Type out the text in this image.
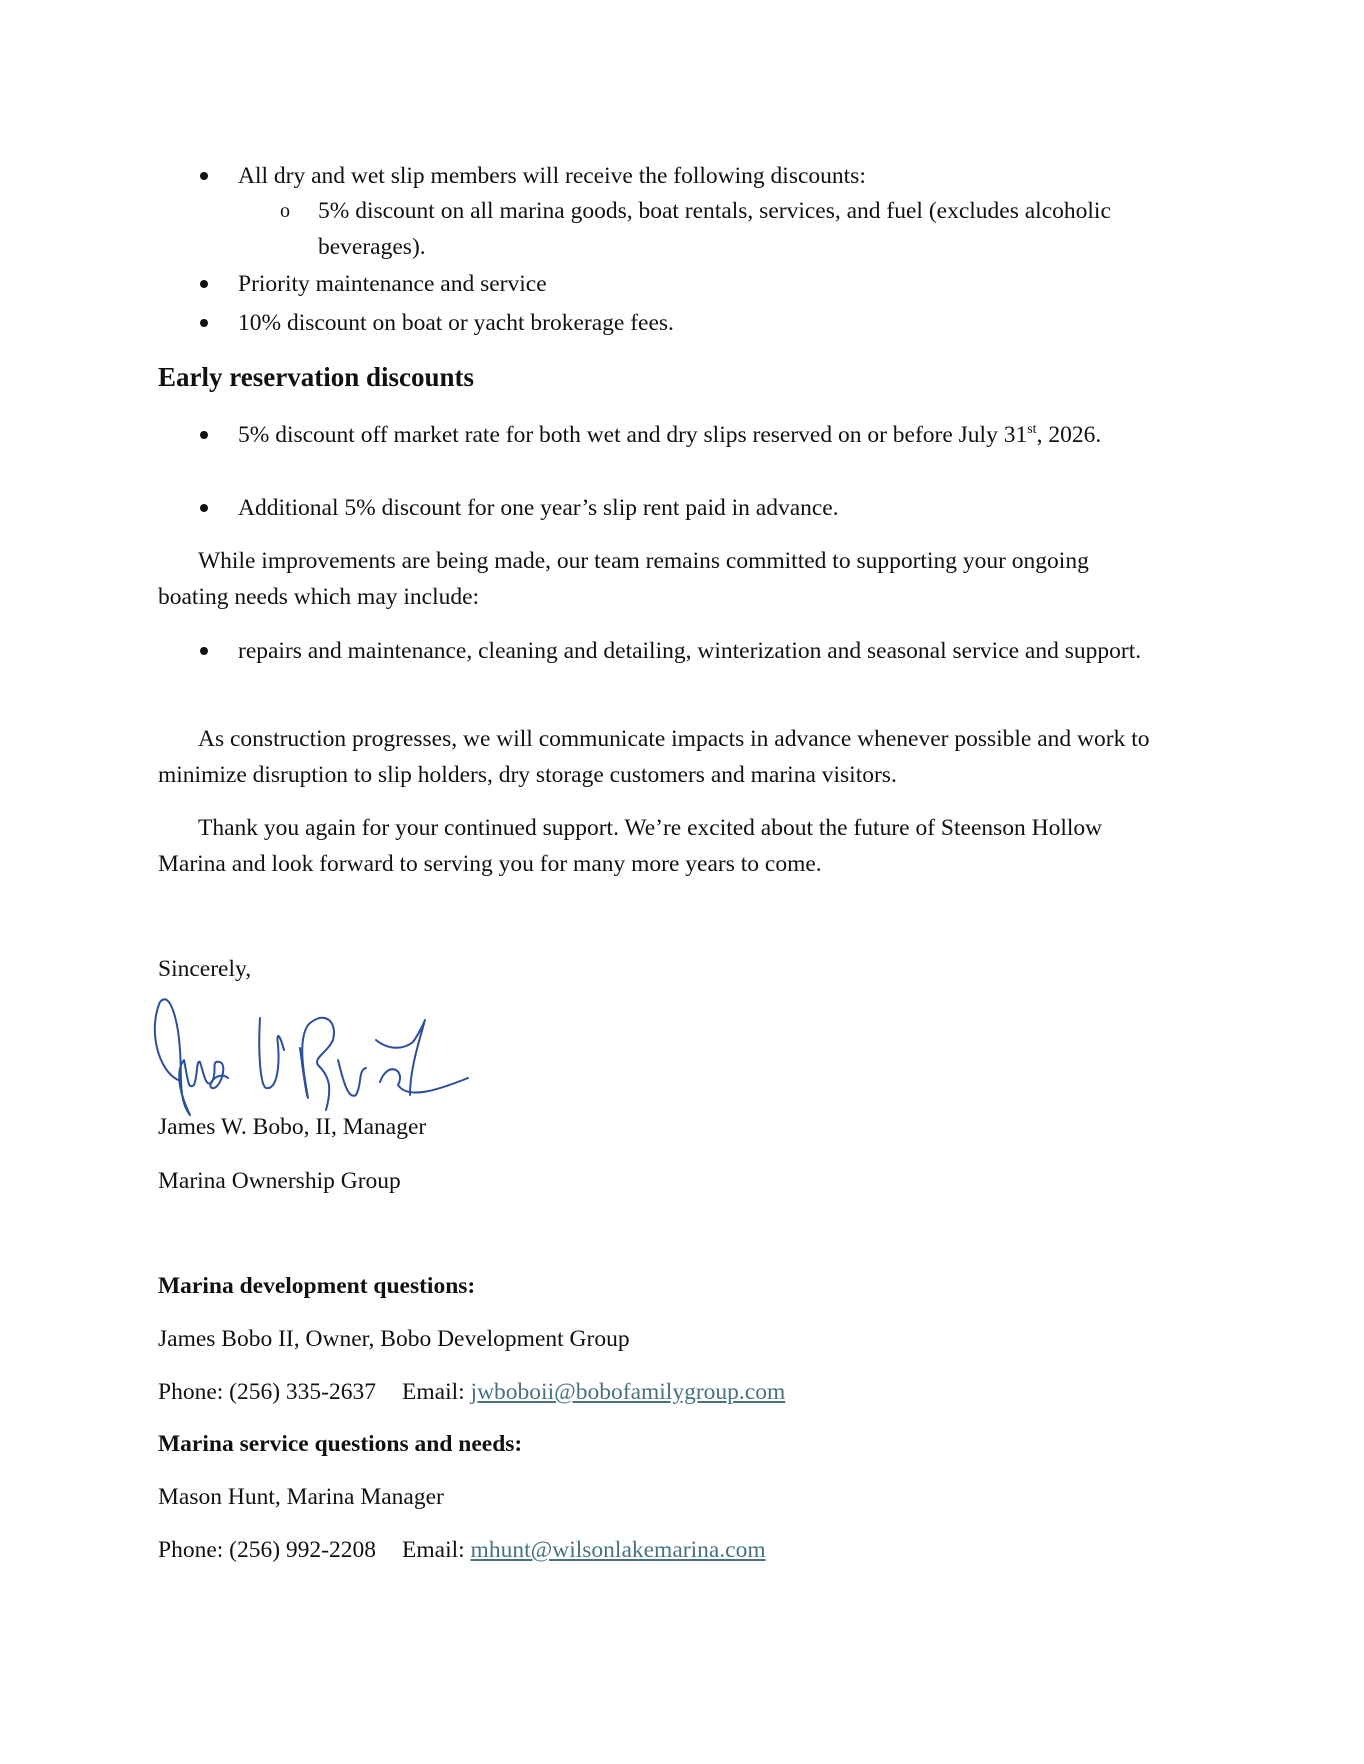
All dry and wet slip members will receive the following discounts:
o 5% discount on all marina goods, boat rentals, services, and fuel (excludes alcoholic beverages).
Priority maintenance and service
10% discount on boat or yacht brokerage fees.
Early reservation discounts
5% discount off market rate for both wet and dry slips reserved on or before July 31st, 2026.
Additional 5% discount for one year’s slip rent paid in advance.
While improvements are being made, our team remains committed to supporting your ongoing boating needs which may include:
repairs and maintenance, cleaning and detailing, winterization and seasonal service and support.
As construction progresses, we will communicate impacts in advance whenever possible and work to minimize disruption to slip holders, dry storage customers and marina visitors.
Thank you again for your continued support. We’re excited about the future of Steenson Hollow Marina and look forward to serving you for many more years to come.
Sincerely,
James W. Bobo, II, Manager
Marina Ownership Group
Marina development questions:
James Bobo II, Owner, Bobo Development Group
Phone: (256) 335-2637 Email: jwboboii@bobofamilygroup.com
Marina service questions and needs:
Mason Hunt, Marina Manager
Phone: (256) 992-2208 Email: mhunt@wilsonlakemarina.com
